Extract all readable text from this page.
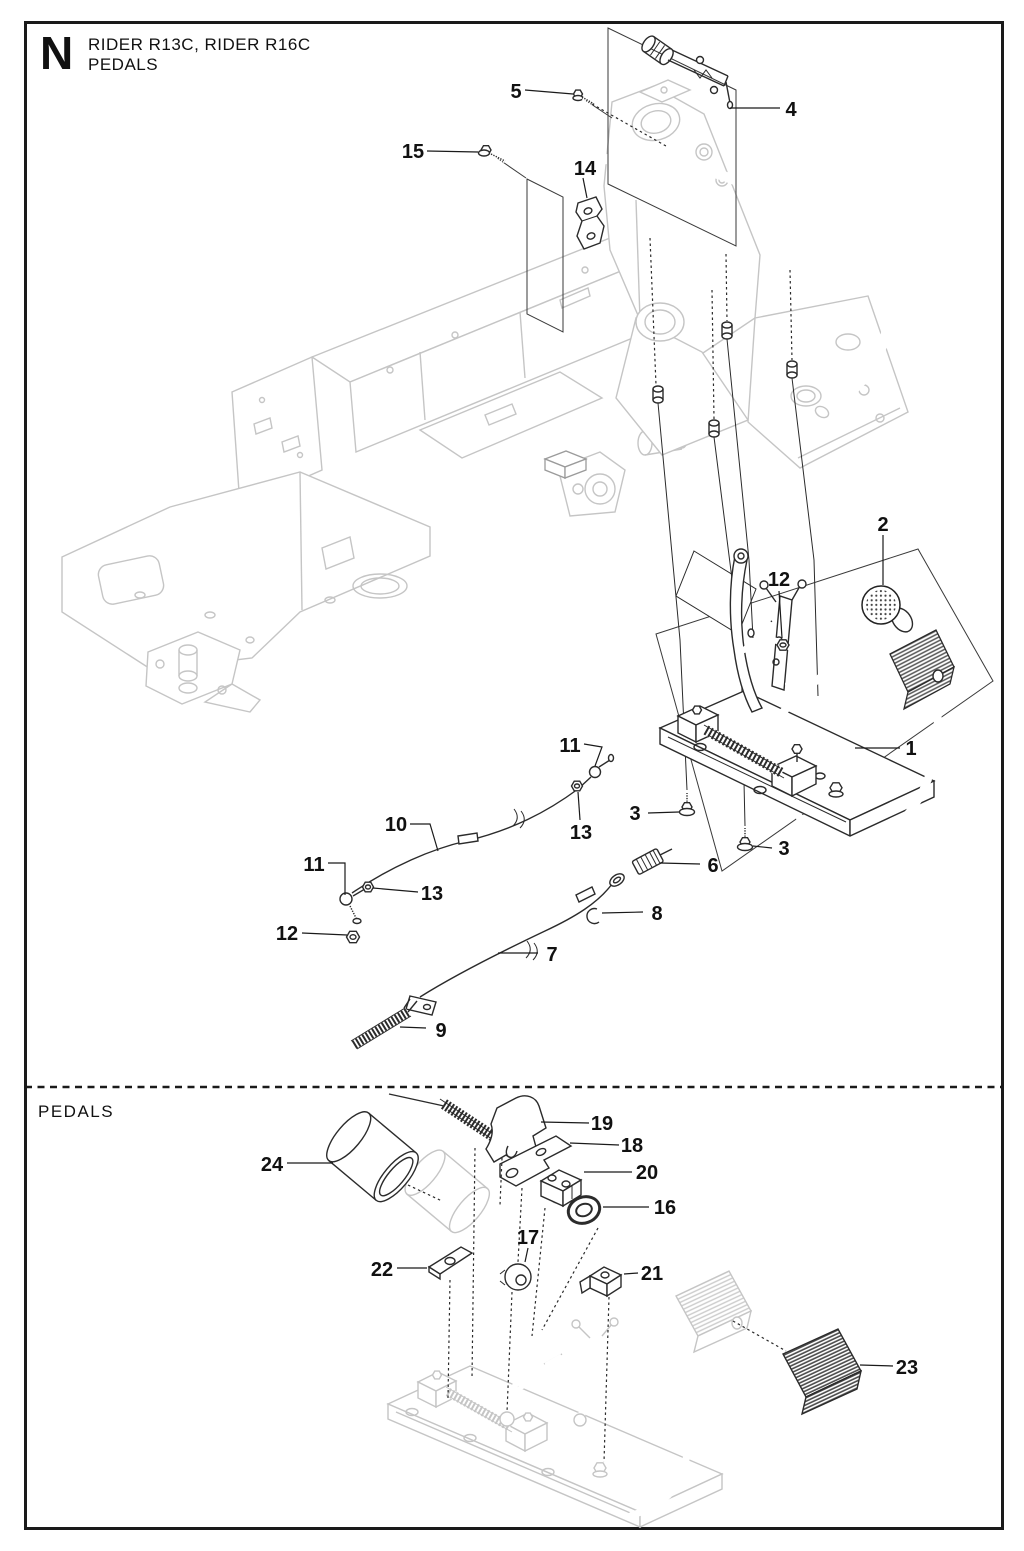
N RIDER R13C, RIDER R16C
PEDALS
PEDALS
5
4
15
14
2
12
1
11
13
10	3
3
6
8
7
9
11
13
12
24
22
19
18
20
16
17
21
23
